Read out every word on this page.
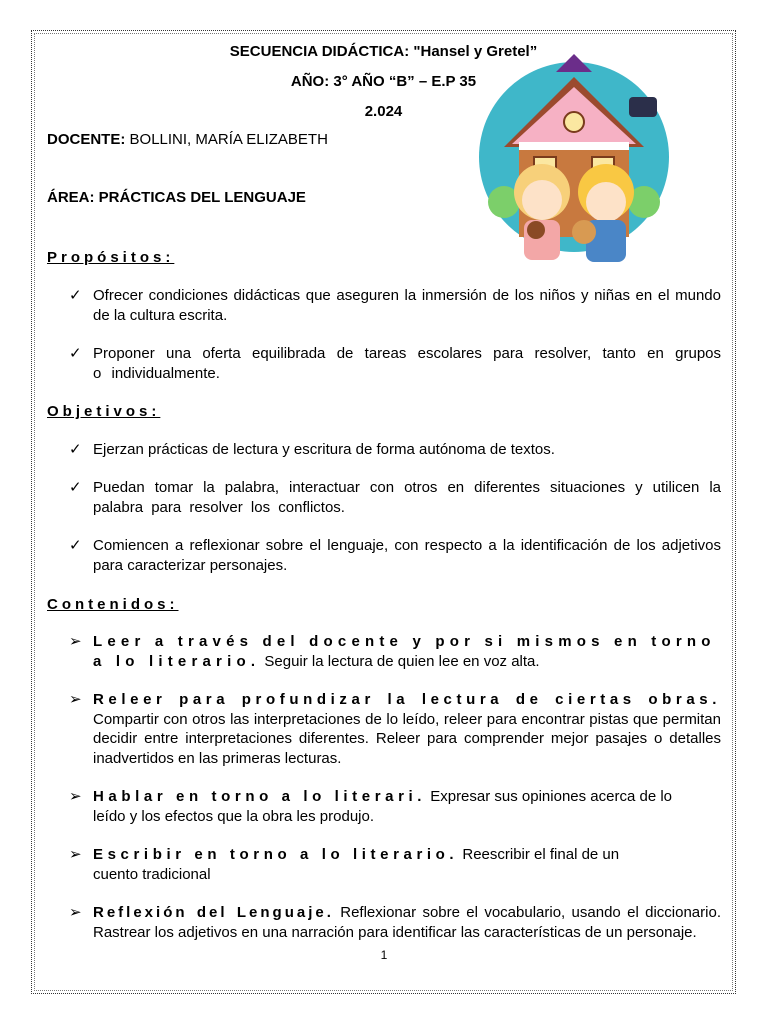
SECUENCIA DIDÁCTICA: "Hansel y Gretel”
AÑO: 3° AÑO “B” – E.P 35
2.024
DOCENTE: BOLLINI, MARÍA ELIZABETH
ÁREA: PRÁCTICAS DEL LENGUAJE
Propósitos:
✓ Ofrecer condiciones didácticas que aseguren la inmersión de los niños y niñas en el mundo de la cultura escrita.
✓ Proponer una oferta equilibrada de tareas escolares para resolver, tanto en grupos o individualmente.
Objetivos:
✓ Ejerzan prácticas de lectura y escritura de forma autónoma de textos.
✓ Puedan tomar la palabra, interactuar con otros en diferentes situaciones y utilicen la palabra para resolver los conflictos.
✓ Comiencen a reflexionar sobre el lenguaje, con respecto a la identificación de los adjetivos para caracterizar personajes.
Contenidos:
➢ Leer a través del docente y por si mismos en torno a lo literario. Seguir la lectura de quien lee en voz alta.
➢ Releer para profundizar la lectura de ciertas obras. Compartir con otros las interpretaciones de lo leído, releer para encontrar pistas que permitan decidir entre interpretaciones diferentes. Releer para comprender mejor pasajes o detalles inadvertidos en las primeras lecturas.
➢ Hablar en torno a lo literari. Expresar sus opiniones acerca de lo leído y los efectos que la obra les produjo.
➢ Escribir en torno a lo literario. Reescribir el final de un cuento tradicional
➢ Reflexión del Lenguaje. Reflexionar sobre el vocabulario, usando el diccionario. Rastrear los adjetivos en una narración para identificar las características de un personaje.
1
